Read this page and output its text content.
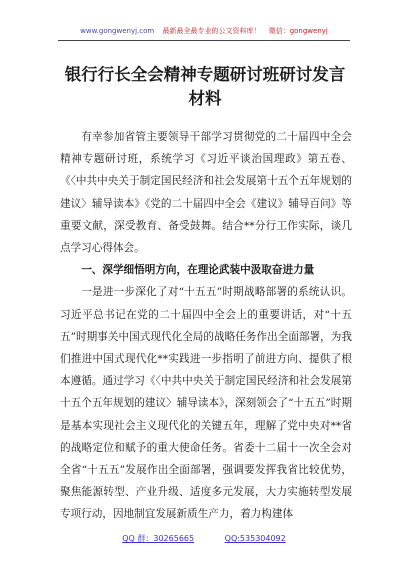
www.gongwenyj.com 最新最全最专业的公文资料库！ 微信：gongwenyj
银行行长全会精神专题研讨班研讨发言材料

有幸参加省管主要领导干部学习贯彻党的二十届四中全会精神专题研讨班，系统学习《习近平谈治国理政》第五卷、《〈中共中央关于制定国民经济和社会发展第十五个五年规划的建议〉辅导读本》《党的二十届四中全会《建议》辅导百问》等重要文献，深受教育、备受鼓舞。结合**分行工作实际，谈几点学习心得体会。

一、深学细悟明方向，在理论武装中汲取奋进力量

一是进一步深化了对“十五五”时期战略部署的系统认识。习近平总书记在党的二十届四中全会上的重要讲话，对“十五五”时期事关中国式现代化全局的战略任务作出全面部署，为我们推进中国式现代化**实践进一步指明了前进方向、提供了根本遵循。通过学习《〈中共中央关于制定国民经济和社会发展第十五个五年规划的建议〉辅导读本》，深刻领会了“十五五”时期是基本实现社会主义现代化的关键五年，理解了党中央对**省的战略定位和赋予的重大使命任务。省委十二届十一次全会对全省“十五五”发展作出全面部署，强调要发挥我省比较优势，聚焦能源转型、产业升级、适度多元发展，大力实施转型发展专项行动，因地制宜发展新质生产力，着力构建体

QQ 群：30265665	QQ:535304092
